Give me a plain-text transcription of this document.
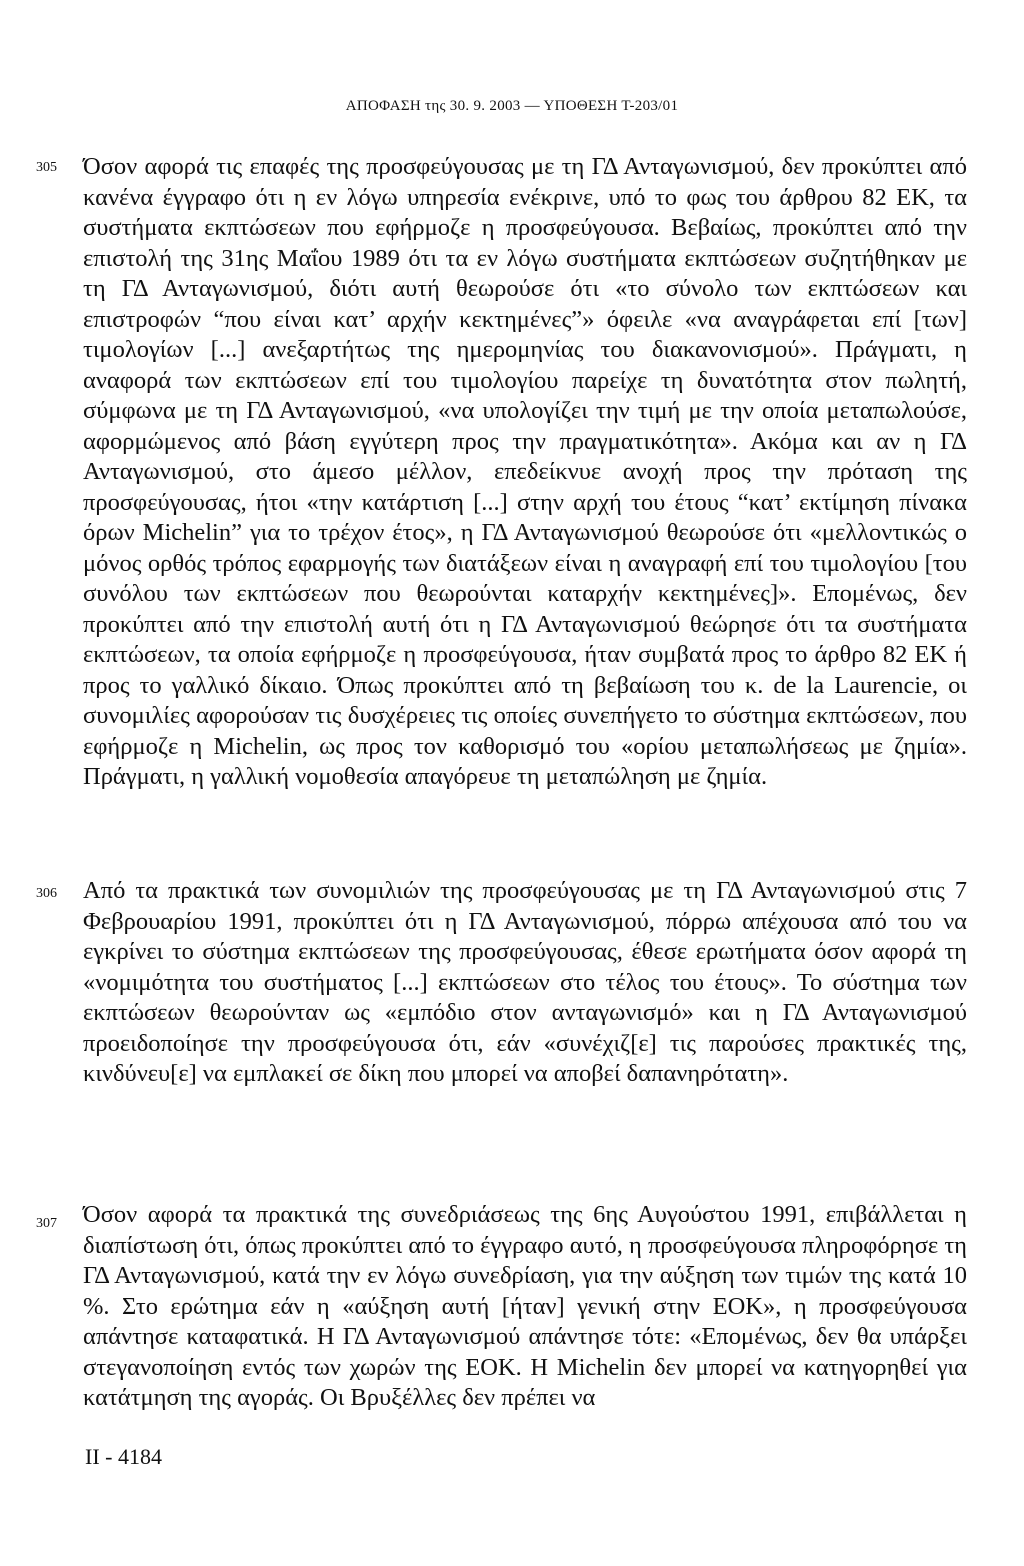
ΑΠΟΦΑΣΗ της 30. 9. 2003 — ΥΠΟΘΕΣΗ Τ-203/01
305 Όσον αφορά τις επαφές της προσφεύγουσας με τη ΓΔ Ανταγωνισμού, δεν προκύπτει από κανένα έγγραφο ότι η εν λόγω υπηρεσία ενέκρινε, υπό το φως του άρθρου 82 ΕΚ, τα συστήματα εκπτώσεων που εφήρμοζε η προσφεύγουσα. Βεβαίως, προκύπτει από την επιστολή της 31ης Μαΐου 1989 ότι τα εν λόγω συστήματα εκπτώσεων συζητήθηκαν με τη ΓΔ Ανταγωνισμού, διότι αυτή θεωρούσε ότι «το σύνολο των εκπτώσεων και επιστροφών “που είναι κατ’ αρχήν κεκτημένες”» όφειλε «να αναγράφεται επί [των] τιμολογίων [...] ανεξαρτήτως της ημερομηνίας του διακανονισμού». Πράγματι, η αναφορά των εκπτώσεων επί του τιμολογίου παρείχε τη δυνατότητα στον πωλητή, σύμφωνα με τη ΓΔ Ανταγωνισμού, «να υπολογίζει την τιμή με την οποία μεταπωλούσε, αφορμώμενος από βάση εγγύτερη προς την πραγματικότητα». Ακόμα και αν η ΓΔ Ανταγωνισμού, στο άμεσο μέλλον, επεδείκνυε ανοχή προς την πρόταση της προσφεύγουσας, ήτοι «την κατάρτιση [...] στην αρχή του έτους “κατ’ εκτίμηση πίνακα όρων Michelin” για το τρέχον έτος», η ΓΔ Ανταγωνισμού θεωρούσε ότι «μελλοντικώς ο μόνος ορθός τρόπος εφαρμογής των διατάξεων είναι η αναγραφή επί του τιμολογίου [του συνόλου των εκπτώσεων που θεωρούνται καταρχήν κεκτημένες]». Επομένως, δεν προκύπτει από την επιστολή αυτή ότι η ΓΔ Ανταγωνισμού θεώρησε ότι τα συστήματα εκπτώσεων, τα οποία εφήρμοζε η προσφεύγουσα, ήταν συμβατά προς το άρθρο 82 ΕΚ ή προς το γαλλικό δίκαιο. Όπως προκύπτει από τη βεβαίωση του κ. de la Laurencie, οι συνομιλίες αφορούσαν τις δυσχέρειες τις οποίες συνεπήγετο το σύστημα εκπτώσεων, που εφήρμοζε η Michelin, ως προς τον καθορισμό του «ορίου μεταπωλήσεως με ζημία». Πράγματι, η γαλλική νομοθεσία απαγόρευε τη μεταπώληση με ζημία.

306 Από τα πρακτικά των συνομιλιών της προσφεύγουσας με τη ΓΔ Ανταγωνισμού στις 7 Φεβρουαρίου 1991, προκύπτει ότι η ΓΔ Ανταγωνισμού, πόρρω απέχουσα από του να εγκρίνει το σύστημα εκπτώσεων της προσφεύγουσας, έθεσε ερωτήματα όσον αφορά τη «νομιμότητα του συστήματος [...] εκπτώσεων στο τέλος του έτους». Το σύστημα των εκπτώσεων θεωρούνταν ως «εμπόδιο στον ανταγωνισμό» και η ΓΔ Ανταγωνισμού προειδοποίησε την προσφεύγουσα ότι, εάν «συνέχιζ[ε] τις παρούσες πρακτικές της, κινδύνευ[ε] να εμπλακεί σε δίκη που μπορεί να αποβεί δαπανηρότατη».

307 Όσον αφορά τα πρακτικά της συνεδριάσεως της 6ης Αυγούστου 1991, επιβάλλεται η διαπίστωση ότι, όπως προκύπτει από το έγγραφο αυτό, η προσφεύγουσα πληροφόρησε τη ΓΔ Ανταγωνισμού, κατά την εν λόγω συνεδρίαση, για την αύξηση των τιμών της κατά 10 %. Στο ερώτημα εάν η «αύξηση αυτή [ήταν] γενική στην ΕΟΚ», η προσφεύγουσα απάντησε καταφατικά. Η ΓΔ Ανταγωνισμού απάντησε τότε: «Επομένως, δεν θα υπάρξει στεγανοποίηση εντός των χωρών της ΕΟΚ. Η Michelin δεν μπορεί να κατηγορηθεί για κατάτμηση της αγοράς. Οι Βρυξέλλες δεν πρέπει να

II - 4184
